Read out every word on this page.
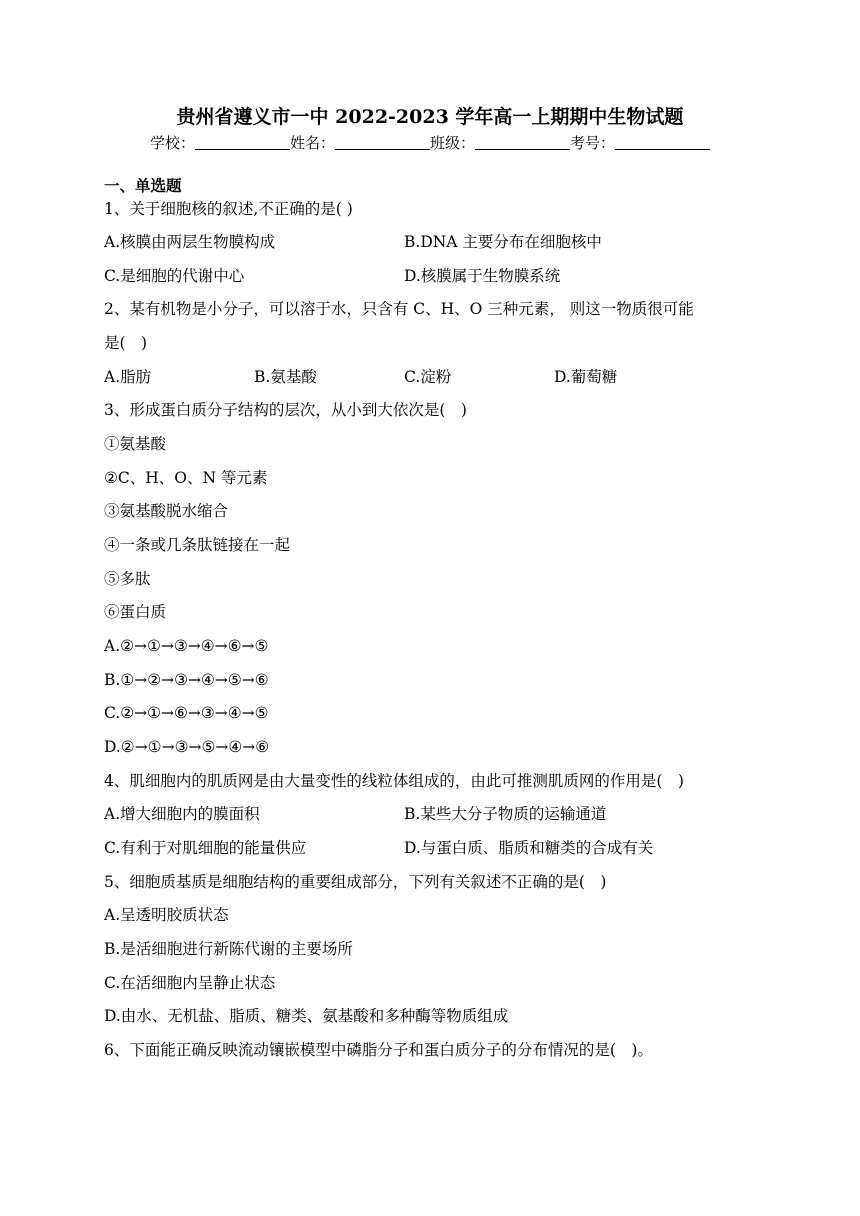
贵州省遵义市一中 2022-2023 学年高一上期期中生物试题
学校：	姓名：	班级：	考号：
一、单选题
1、关于细胞核的叙述,不正确的是( )
A.核膜由两层生物膜构成	B.DNA 主要分布在细胞核中
C.是细胞的代谢中心	D.核膜属于生物膜系统
2、某有机物是小分子，可以溶于水，只含有 C、H、O 三种元素， 则这一物质很可能
是(　)
A.脂肪	B.氨基酸	C.淀粉	D.葡萄糖
3、形成蛋白质分子结构的层次，从小到大依次是(　)
①氨基酸
②C、H、O、N 等元素
③氨基酸脱水缩合
④一条或几条肽链接在一起
⑤多肽
⑥蛋白质
A.②→①→③→④→⑥→⑤
B.①→②→③→④→⑤→⑥
C.②→①→⑥→③→④→⑤
D.②→①→③→⑤→④→⑥
4、肌细胞内的肌质网是由大量变性的线粒体组成的，由此可推测肌质网的作用是(　)
A.增大细胞内的膜面积	B.某些大分子物质的运输通道
C.有利于对肌细胞的能量供应	D.与蛋白质、脂质和糖类的合成有关
5、细胞质基质是细胞结构的重要组成部分，下列有关叙述不正确的是(　)
A.呈透明胶质状态
B.是活细胞进行新陈代谢的主要场所
C.在活细胞内呈静止状态
D.由水、无机盐、脂质、糖类、氨基酸和多种酶等物质组成
6、下面能正确反映流动镶嵌模型中磷脂分子和蛋白质分子的分布情况的是(　)。
